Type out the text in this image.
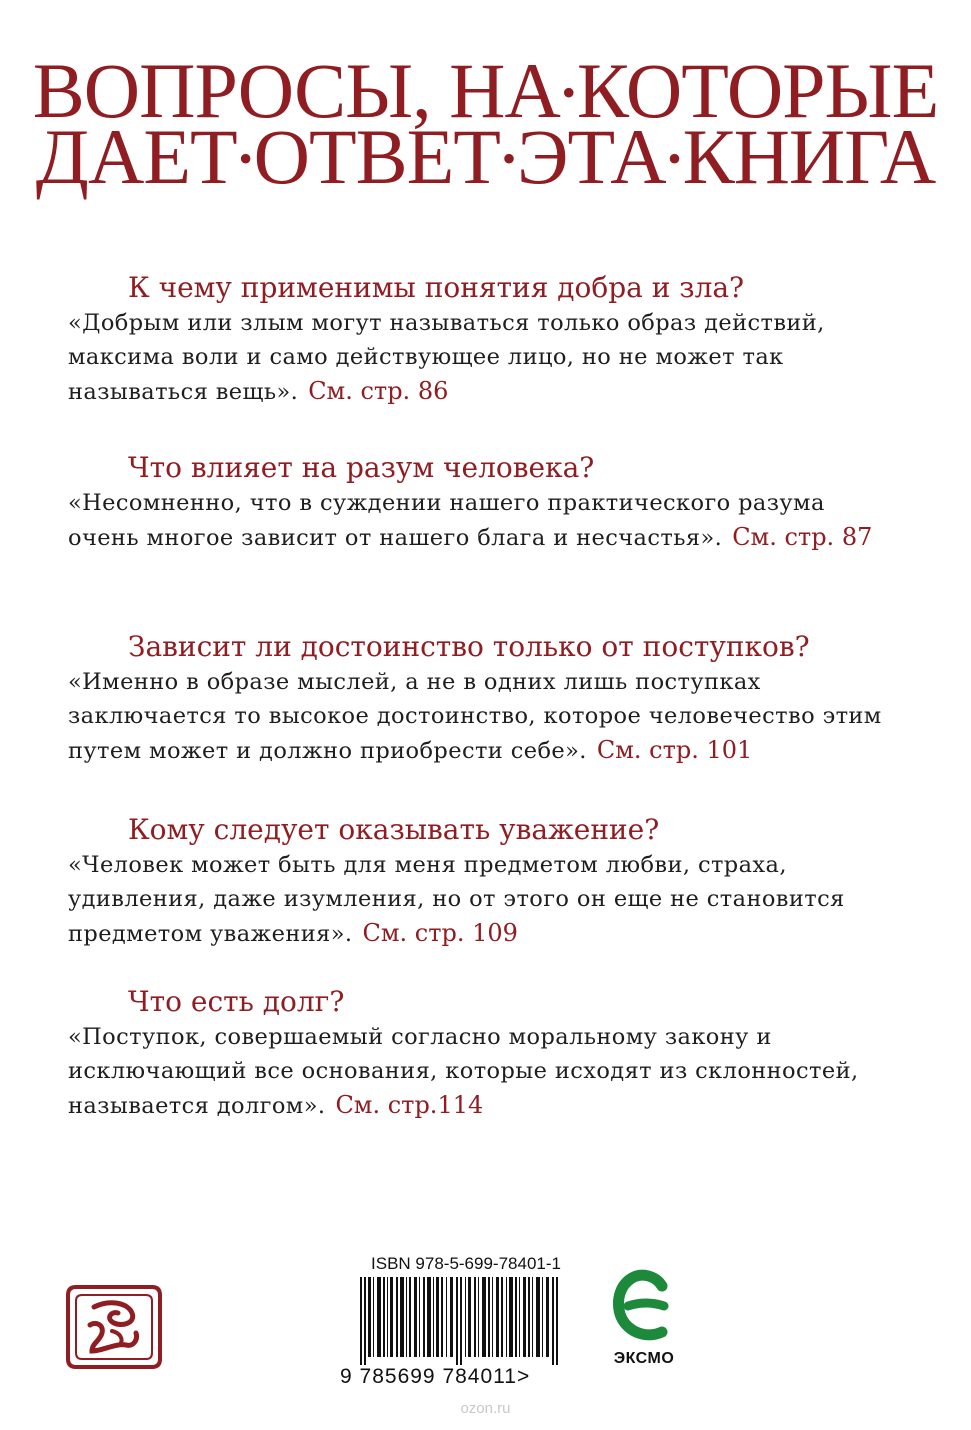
ВОПРОСЫ, НА•КОТОРЫЕ
ДАЕТ•ОТВЕТ•ЭТА•КНИГА
К чему применимы понятия добра и зла?
«Добрым или злым могут называться только образ действий, максима воли и само действующее лицо, но не может так называться вещь». См. стр. 86
Что влияет на разум человека?
«Несомненно, что в суждении нашего практического разума очень многое зависит от нашего блага и несчастья». См. стр. 87
Зависит ли достоинство только от поступков?
«Именно в образе мыслей, а не в одних лишь поступках заключается то высокое достоинство, которое человечество этим путем может и должно приобрести себе». См. стр. 101
Кому следует оказывать уважение?
«Человек может быть для меня предметом любви, страха, удивления, даже изумления, но от этого он еще не становится предметом уважения». См. стр. 109
Что есть долг?
«Поступок, совершаемый согласно моральному закону и исключающий все основания, которые исходят из склонностей, называется долгом». См. стр.114
ISBN 978-5-699-78401-1
9 785699 784011>
ЭКСМО
ozon.ru
